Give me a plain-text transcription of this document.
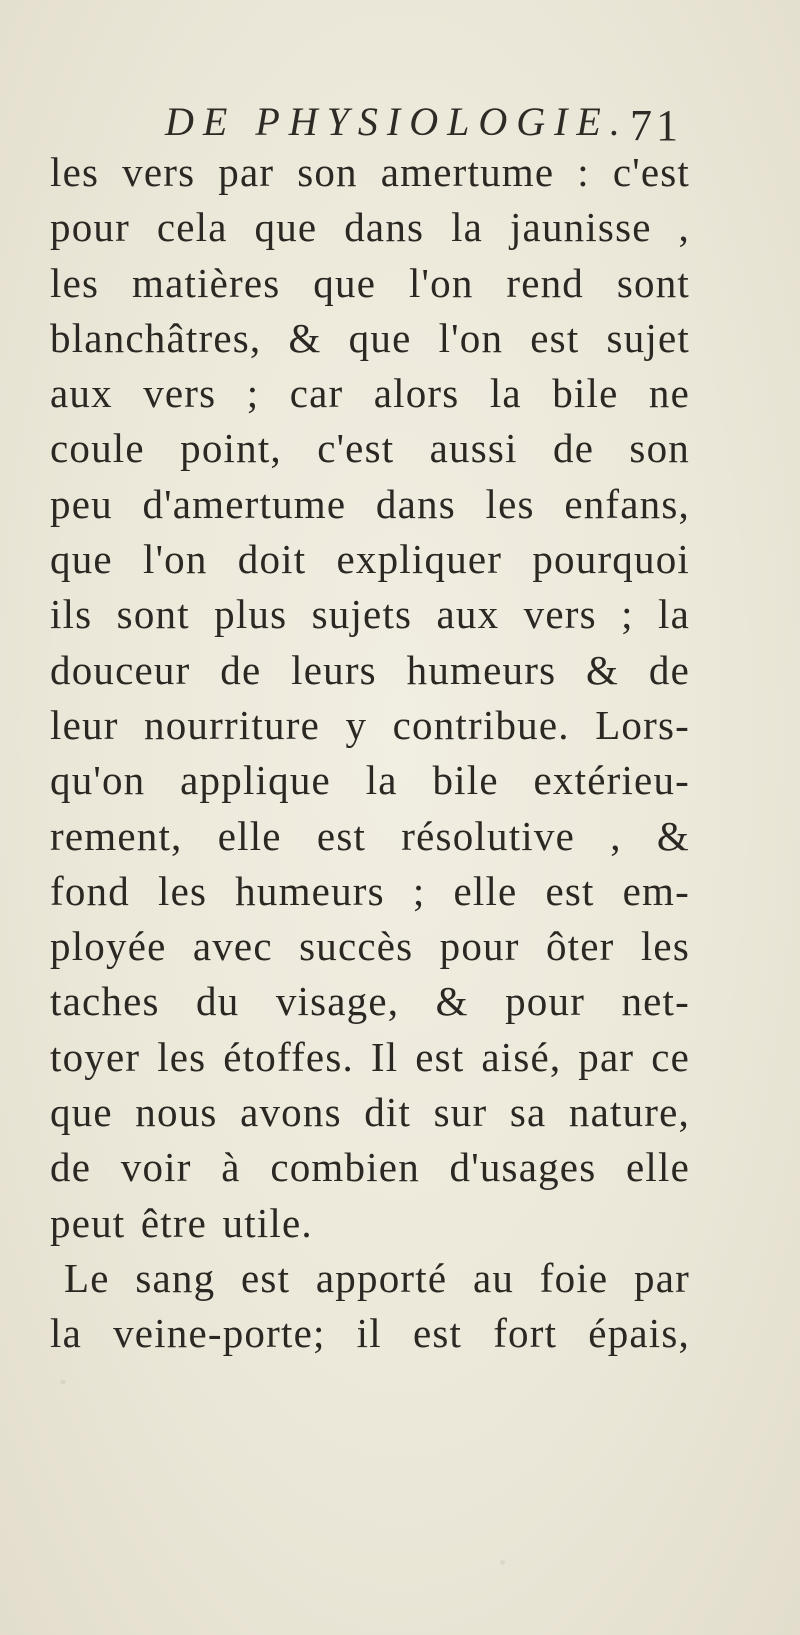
DE PHYSIOLOGIE. 71
les vers par son amertume : c'est
pour cela que dans la jaunisse ,
les matières que l'on rend sont
blanchâtres, & que l'on est sujet
aux vers ; car alors la bile ne
coule point, c'est aussi de son
peu d'amertume dans les enfans,
que l'on doit expliquer pourquoi
ils sont plus sujets aux vers ; la
douceur de leurs humeurs & de
leur nourriture y contribue. Lors-
qu'on applique la bile extérieu-
rement, elle est résolutive , &
fond les humeurs ; elle est em-
ployée avec succès pour ôter les
taches du visage, & pour net-
toyer les étoffes. Il est aisé, par ce
que nous avons dit sur sa nature,
de voir à combien d'usages elle
peut être utile.
Le sang est apporté au foie par
la veine-porte; il est fort épais,
